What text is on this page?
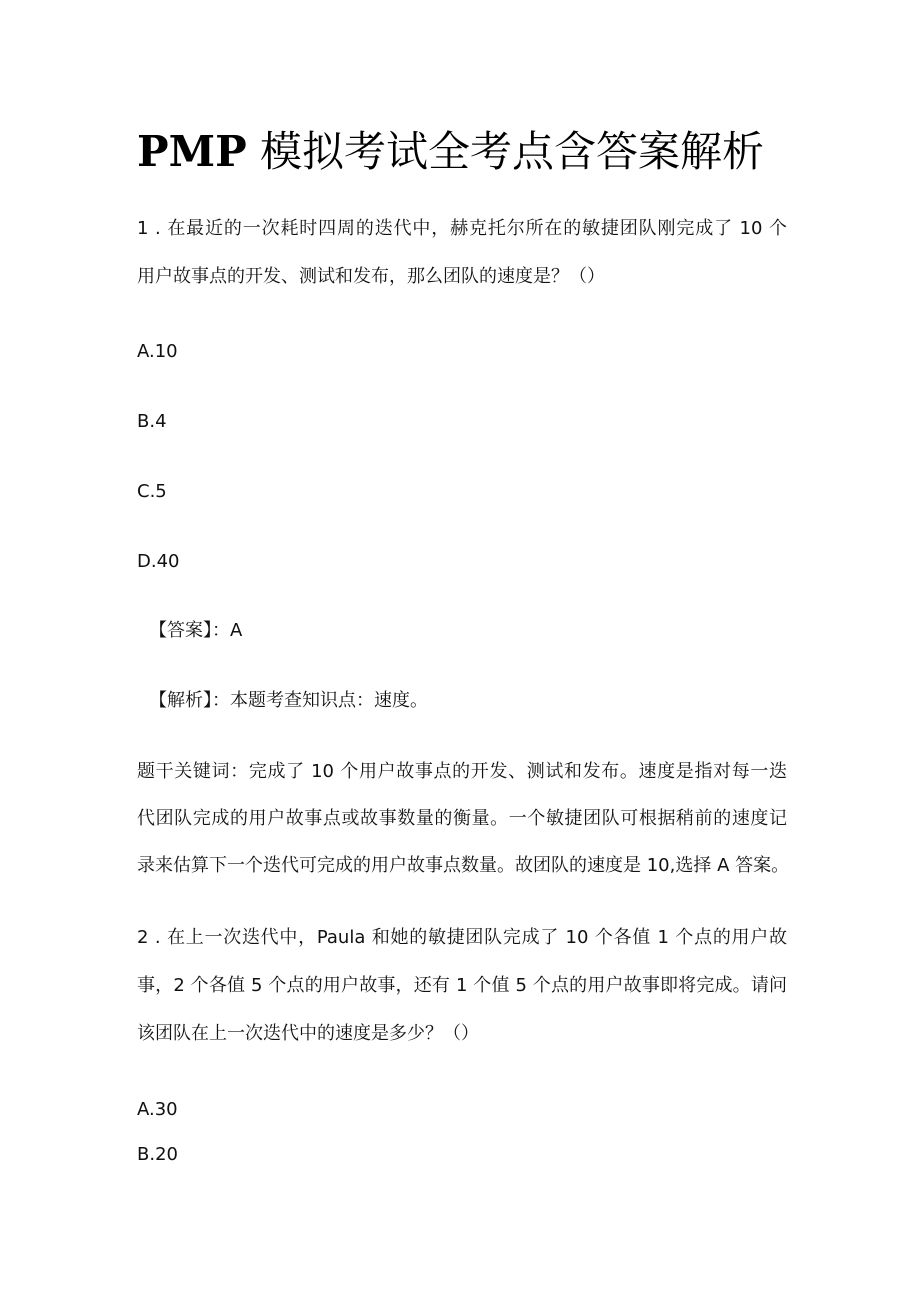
PMP 模拟考试全考点含答案解析
1 . 在最近的一次耗时四周的迭代中，赫克托尔所在的敏捷团队刚完成了 10 个
用户故事点的开发、测试和发布，那么团队的速度是？（）
A.10
B.4
C.5
D.40
【答案】：A
【解析】：本题考查知识点：速度。
题干关键词：完成了 10 个用户故事点的开发、测试和发布。速度是指对每一迭
代团队完成的用户故事点或故事数量的衡量。一个敏捷团队可根据稍前的速度记
录来估算下一个迭代可完成的用户故事点数量。故团队的速度是 10,选择 A 答案。
2 . 在上一次迭代中，Paula 和她的敏捷团队完成了 10 个各值 1 个点的用户故
事，2 个各值 5 个点的用户故事，还有 1 个值 5 个点的用户故事即将完成。请问
该团队在上一次迭代中的速度是多少？（）
A.30
B.20
